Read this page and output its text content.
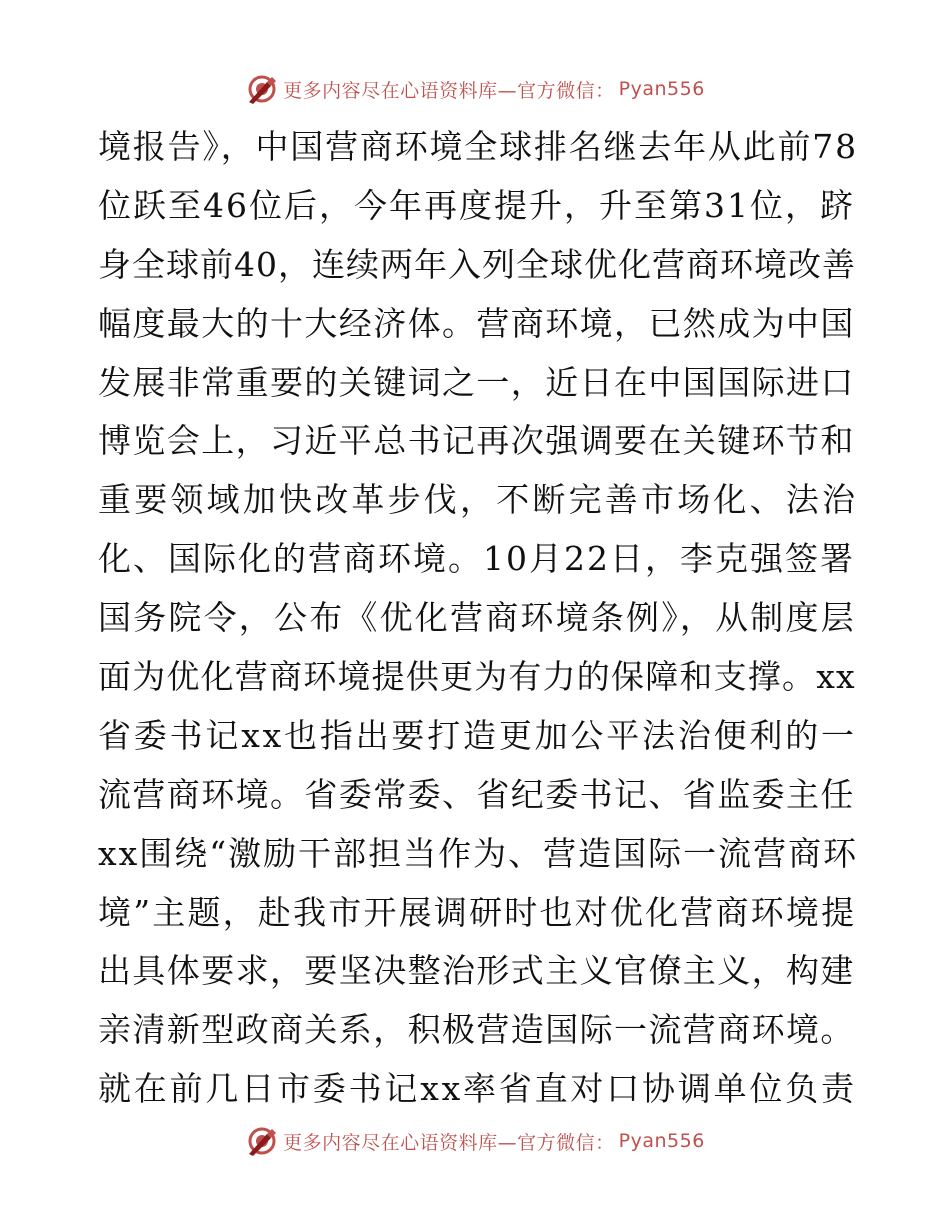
更多内容尽在心语资料库—官方微信： Pyan556
境报告》，中国营商环境全球排名继去年从此前78
位跃至46位后，今年再度提升，升至第31位，跻
身全球前40，连续两年入列全球优化营商环境改善
幅度最大的十大经济体。营商环境，已然成为中国
发展非常重要的关键词之一，近日在中国国际进口
博览会上，习近平总书记再次强调要在关键环节和
重要领域加快改革步伐，不断完善市场化、法治
化、国际化的营商环境。10月22日，李克强签署
国务院令，公布《优化营商环境条例》，从制度层
面为优化营商环境提供更为有力的保障和支撑。xx
省委书记xx也指出要打造更加公平法治便利的一
流营商环境。省委常委、省纪委书记、省监委主任
xx围绕“激励干部担当作为、营造国际一流营商环
境”主题，赴我市开展调研时也对优化营商环境提
出具体要求，要坚决整治形式主义官僚主义，构建
亲清新型政商关系，积极营造国际一流营商环境。
就在前几日市委书记xx率省直对口协调单位负责
更多内容尽在心语资料库—官方微信： Pyan556
